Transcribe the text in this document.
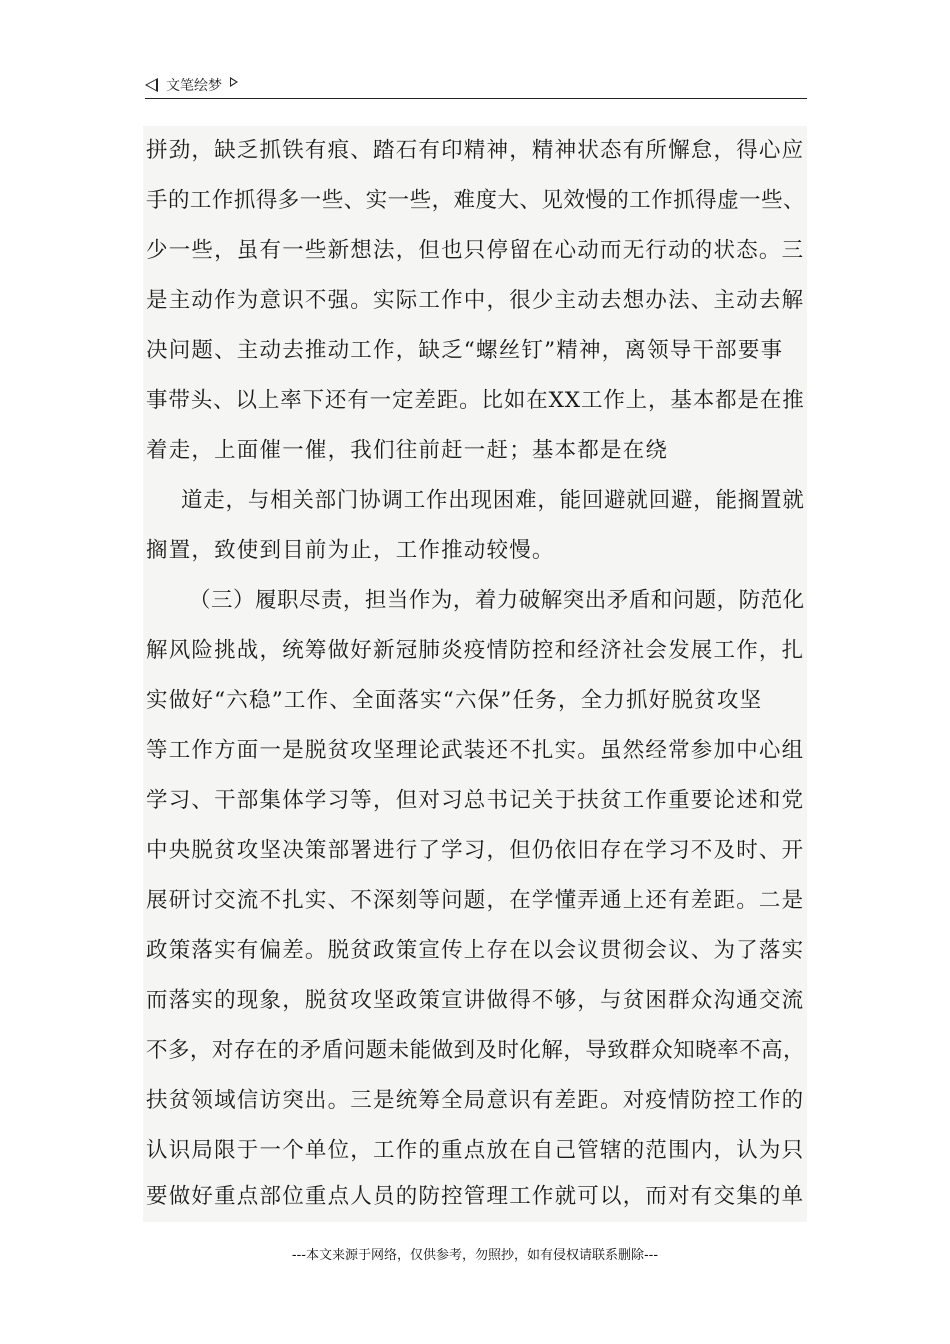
文笔绘梦
拼劲，缺乏抓铁有痕、踏石有印精神，精神状态有所懈怠，得心应
手的工作抓得多一些、实一些，难度大、见效慢的工作抓得虚一些、
少一些，虽有一些新想法，但也只停留在心动而无行动的状态。三
是主动作为意识不强。实际工作中，很少主动去想办法、主动去解
决问题、主动去推动工作，缺乏“螺丝钉”精神，离领导干部要事
事带头、以上率下还有一定差距。比如在XX工作上，基本都是在推
着走，上面催一催，我们往前赶一赶；基本都是在绕
道走，与相关部门协调工作出现困难，能回避就回避，能搁置就
搁置，致使到目前为止，工作推动较慢。
（三）履职尽责，担当作为，着力破解突出矛盾和问题，防范化
解风险挑战，统筹做好新冠肺炎疫情防控和经济社会发展工作，扎
实做好“六稳”工作、全面落实“六保”任务，全力抓好脱贫攻坚
等工作方面一是脱贫攻坚理论武装还不扎实。虽然经常参加中心组
学习、干部集体学习等，但对习总书记关于扶贫工作重要论述和党
中央脱贫攻坚决策部署进行了学习，但仍依旧存在学习不及时、开
展研讨交流不扎实、不深刻等问题，在学懂弄通上还有差距。二是
政策落实有偏差。脱贫政策宣传上存在以会议贯彻会议、为了落实
而落实的现象，脱贫攻坚政策宣讲做得不够，与贫困群众沟通交流
不多，对存在的矛盾问题未能做到及时化解，导致群众知晓率不高，
扶贫领域信访突出。三是统筹全局意识有差距。对疫情防控工作的
认识局限于一个单位，工作的重点放在自己管辖的范围内，认为只
要做好重点部位重点人员的防控管理工作就可以，而对有交集的单
---本文来源于网络，仅供参考，勿照抄，如有侵权请联系删除---
